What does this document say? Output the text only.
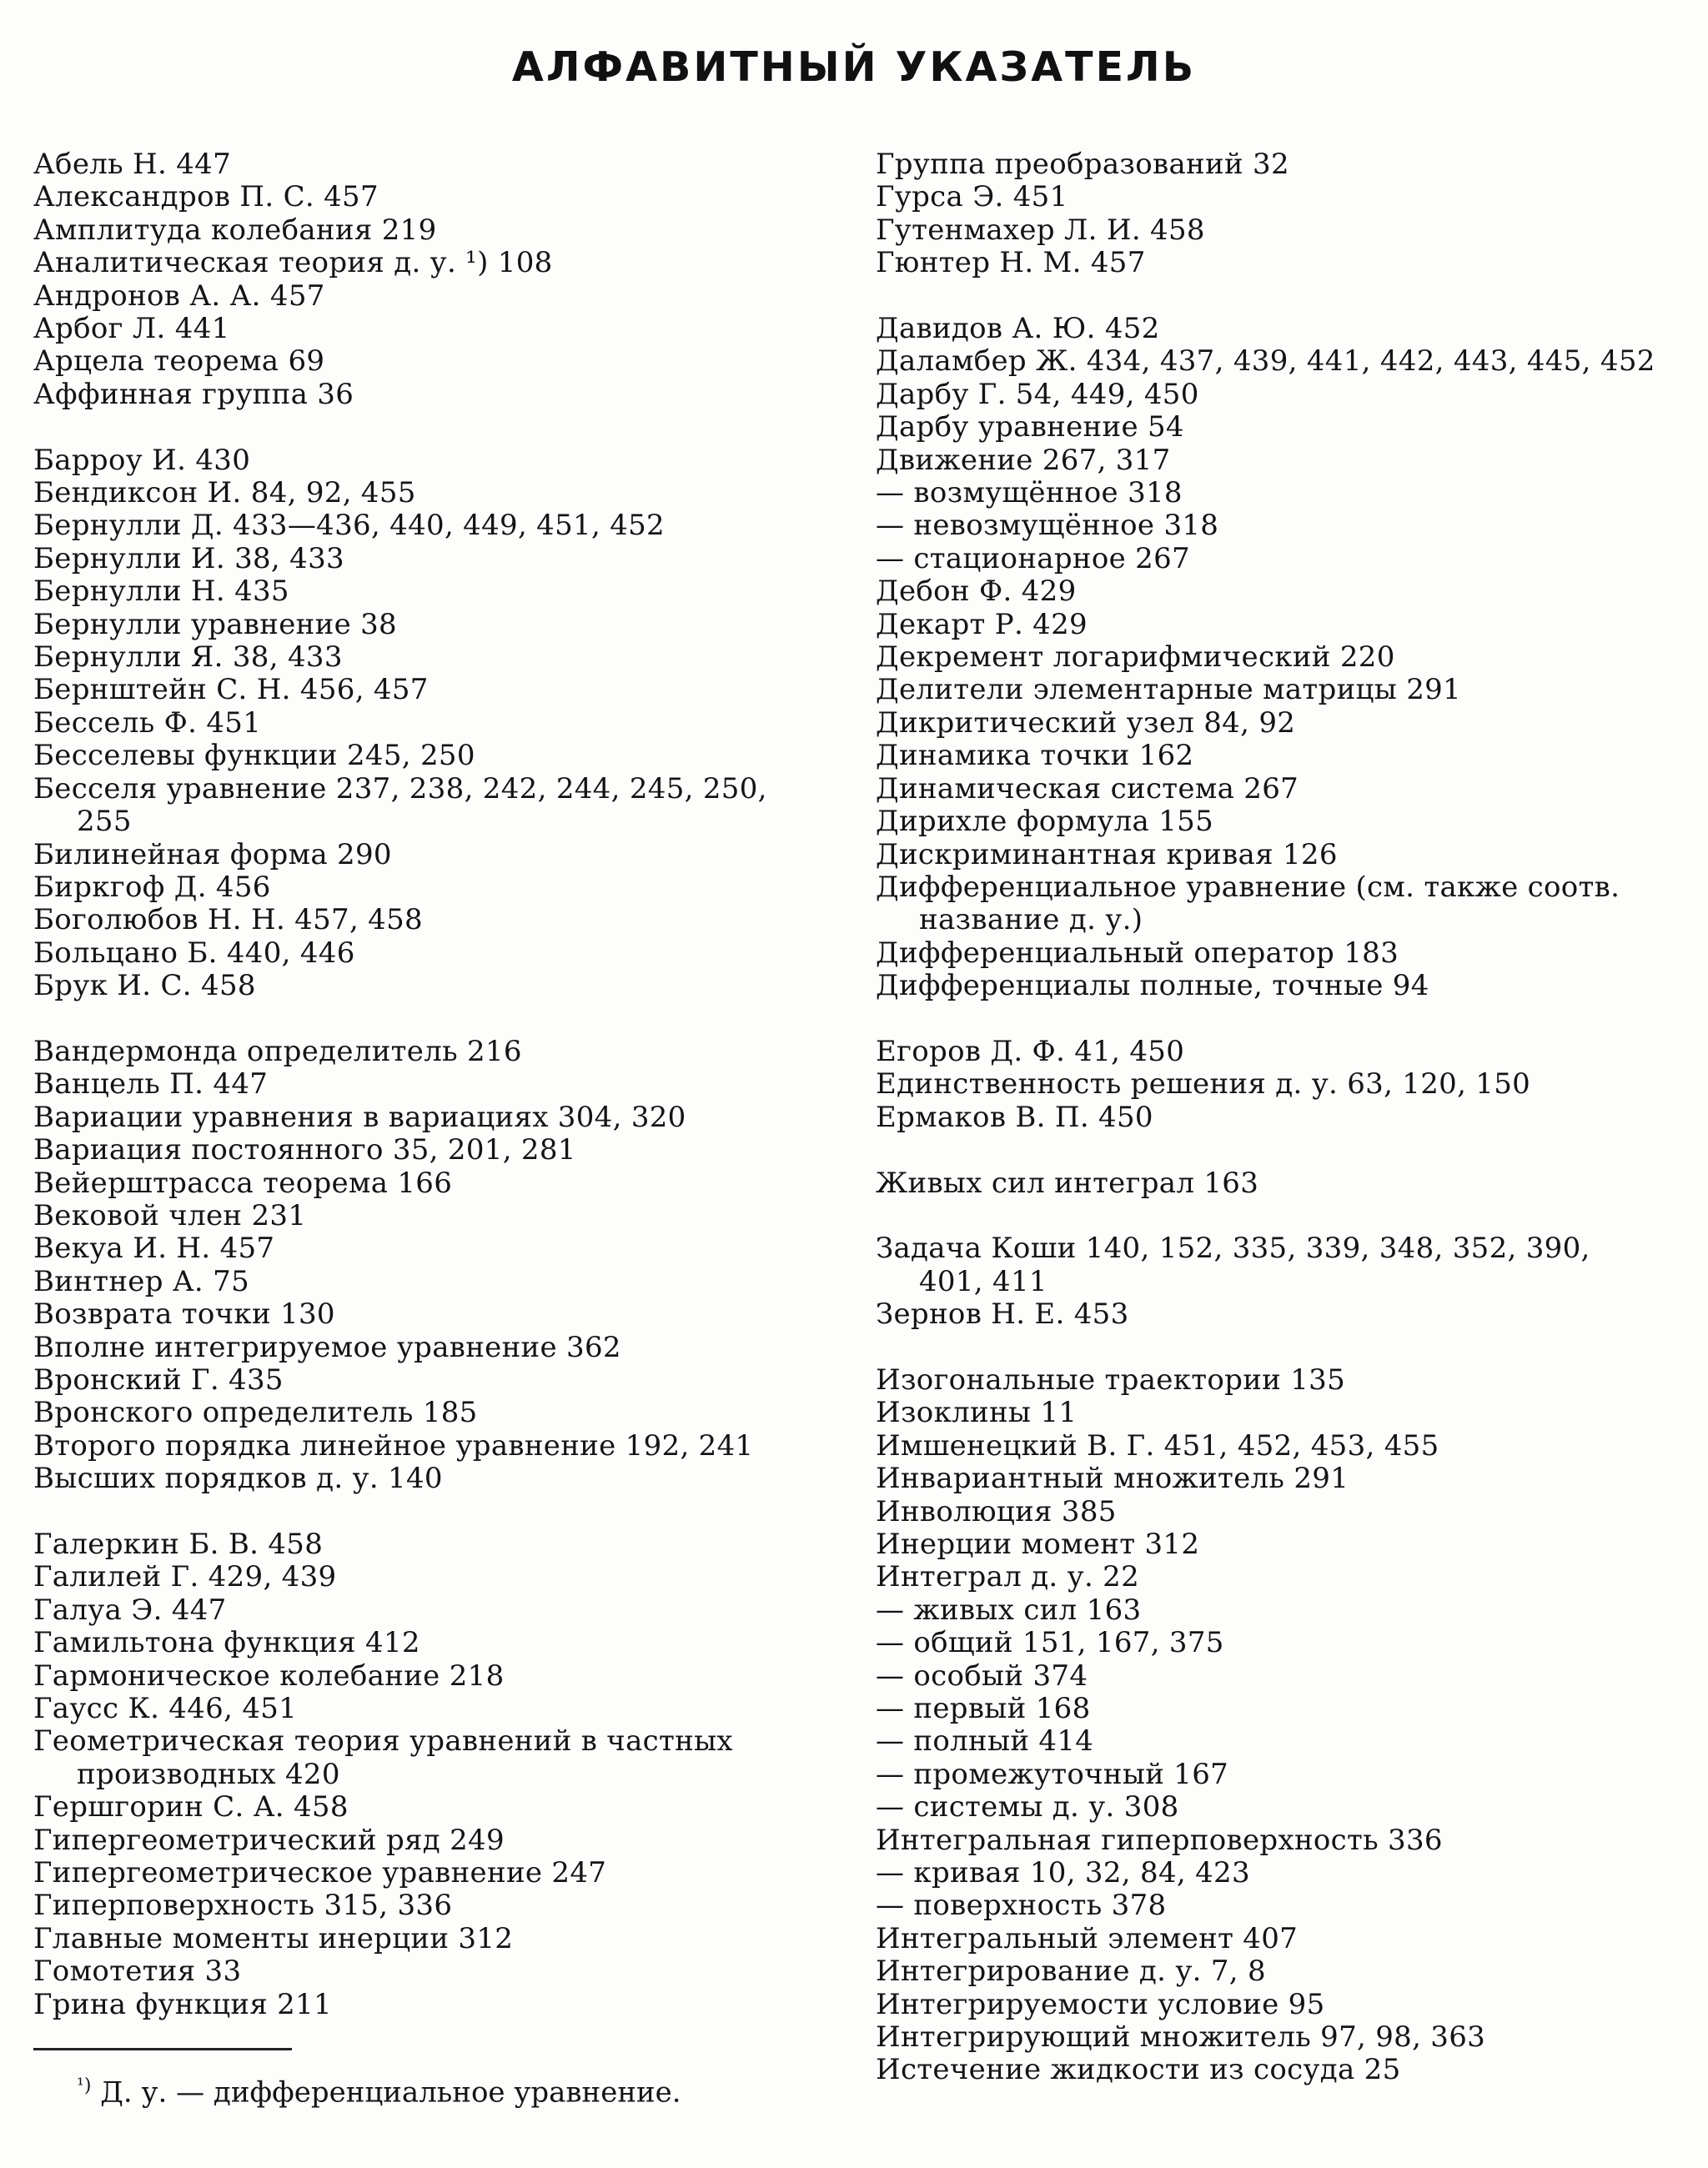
АЛФАВИТНЫЙ УКАЗАТЕЛЬ
Абель Н. 447
Александров П. С. 457
Амплитуда колебания 219
Аналитическая теория д. у. ¹) 108
Андронов А. А. 457
Арбог Л. 441
Арцела теорема 69
Аффинная группа 36
Барроу И. 430
Бендиксон И. 84, 92, 455
Бернулли Д. 433—436, 440, 449, 451, 452
Бернулли И. 38, 433
Бернулли Н. 435
Бернулли уравнение 38
Бернулли Я. 38, 433
Бернштейн С. Н. 456, 457
Бессель Ф. 451
Бесселевы функции 245, 250
Бесселя уравнение 237, 238, 242, 244, 245, 250,
255
Билинейная форма 290
Биркгоф Д. 456
Боголюбов Н. Н. 457, 458
Больцано Б. 440, 446
Брук И. С. 458
Вандермонда определитель 216
Ванцель П. 447
Вариации уравнения в вариациях 304, 320
Вариация постоянного 35, 201, 281
Вейерштрасса теорема 166
Вековой член 231
Векуа И. Н. 457
Винтнер А. 75
Возврата точки 130
Вполне интегрируемое уравнение 362
Вронский Г. 435
Вронского определитель 185
Второго порядка линейное уравнение 192, 241
Высших порядков д. у. 140
Галеркин Б. В. 458
Галилей Г. 429, 439
Галуа Э. 447
Гамильтона функция 412
Гармоническое колебание 218
Гаусс К. 446, 451
Геометрическая теория уравнений в частных
производных 420
Гершгорин С. А. 458
Гипергеометрический ряд 249
Гипергеометрическое уравнение 247
Гиперповерхность 315, 336
Главные моменты инерции 312
Гомотетия 33
Грина функция 211
Группа преобразований 32
Гурса Э. 451
Гутенмахер Л. И. 458
Гюнтер Н. М. 457
Давидов А. Ю. 452
Даламбер Ж. 434, 437, 439, 441, 442, 443, 445, 452
Дарбу Г. 54, 449, 450
Дарбу уравнение 54
Движение 267, 317
— возмущённое 318
— невозмущённое 318
— стационарное 267
Дебон Ф. 429
Декарт Р. 429
Декремент логарифмический 220
Делители элементарные матрицы 291
Дикритический узел 84, 92
Динамика точки 162
Динамическая система 267
Дирихле формула 155
Дискриминантная кривая 126
Дифференциальное уравнение (см. также соотв.
название д. у.)
Дифференциальный оператор 183
Дифференциалы полные, точные 94
Егоров Д. Ф. 41, 450
Единственность решения д. у. 63, 120, 150
Ермаков В. П. 450
Живых сил интеграл 163
Задача Коши 140, 152, 335, 339, 348, 352, 390,
401, 411
Зернов Н. Е. 453
Изогональные траектории 135
Изоклины 11
Имшенецкий В. Г. 451, 452, 453, 455
Инвариантный множитель 291
Инволюция 385
Инерции момент 312
Интеграл д. у. 22
— живых сил 163
— общий 151, 167, 375
— особый 374
— первый 168
— полный 414
— промежуточный 167
— системы д. у. 308
Интегральная гиперповерхность 336
— кривая 10, 32, 84, 423
— поверхность 378
Интегральный элемент 407
Интегрирование д. у. 7, 8
Интегрируемости условие 95
Интегрирующий множитель 97, 98, 363
Истечение жидкости из сосуда 25
$^{^1)}$ Д. у. — дифференциальное уравнение.
